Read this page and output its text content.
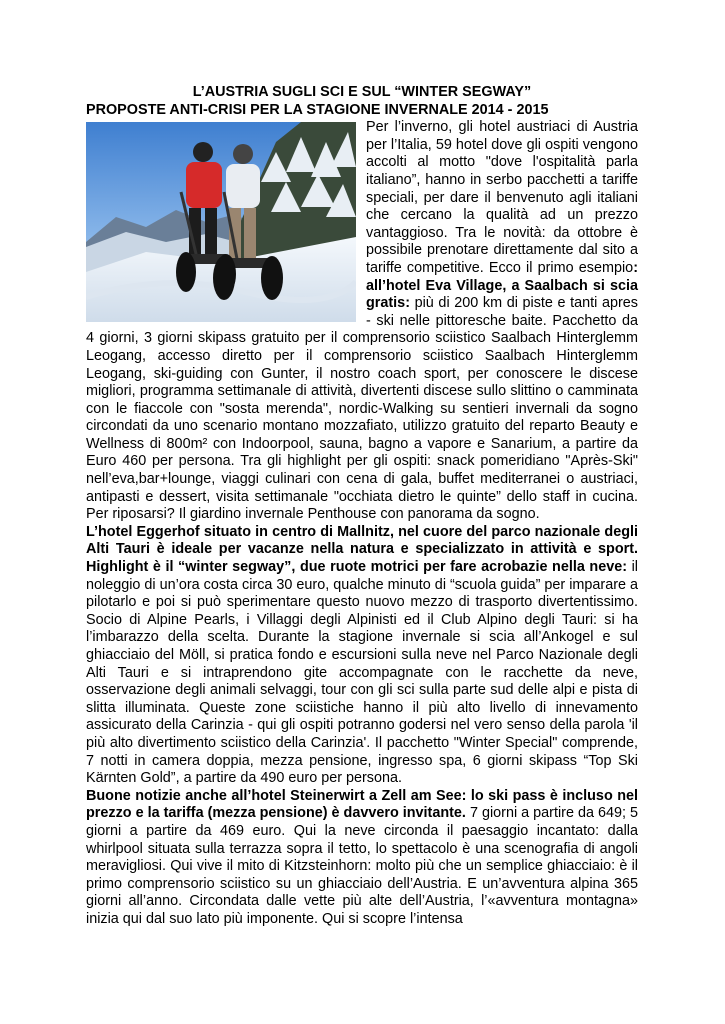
L’AUSTRIA SUGLI SCI E SUL “WINTER SEGWAY”

PROPOSTE ANTI-CRISI PER LA STAGIONE INVERNALE 2014 - 2015

Per l’inverno, gli hotel austriaci di Austria per l’Italia, 59 hotel dove gli ospiti vengono accolti al motto "dove l'ospitalità parla italiano”, hanno in serbo pacchetti a tariffe speciali, per dare il benvenuto agli italiani che cercano la qualità ad un prezzo vantaggioso. Tra le novità: da ottobre è possibile prenotare direttamente dal sito a tariffe competitive. Ecco il primo esempio: all’hotel Eva Village, a Saalbach si scia gratis: più di 200 km di piste e tanti apres - ski nelle pittoresche baite. Pacchetto da 4 giorni, 3 giorni skipass gratuito per il comprensorio sciistico Saalbach Hinterglemm Leogang, accesso diretto per il comprensorio sciistico Saalbach Hinterglemm Leogang, ski-guiding con Gunter, il nostro coach sport, per conoscere le discese migliori, programma settimanale di attività, divertenti discese sullo slittino o camminata con le fiaccole con "sosta merenda", nordic-Walking su sentieri invernali da sogno circondati da uno scenario montano mozzafiato, utilizzo gratuito del reparto Beauty e Wellness di 800m² con Indoorpool, sauna, bagno a vapore e Sanarium, a partire da Euro 460 per persona. Tra gli highlight per gli ospiti: snack pomeridiano "Après-Ski" nell’eva,bar+lounge, viaggi culinari con cena di gala, buffet mediterranei o austriaci, antipasti e dessert, visita settimanale "occhiata dietro le quinte” dello staff in cucina. Per riposarsi? Il giardino invernale Penthouse con panorama da sogno.

L’hotel Eggerhof situato in centro di Mallnitz, nel cuore del parco nazionale degli Alti Tauri è ideale per vacanze nella natura e specializzato in attività e sport. Highlight è il “winter segway”, due ruote motrici per fare acrobazie nella neve: il noleggio di un’ora costa circa 30 euro, qualche minuto di “scuola guida” per imparare a pilotarlo e poi si può sperimentare questo nuovo mezzo di trasporto divertentissimo. Socio di Alpine Pearls, i Villaggi degli Alpinisti ed il Club Alpino degli Tauri: si ha l’imbarazzo della scelta. Durante la stagione invernale si scia all’Ankogel e sul ghiacciaio del Möll, si pratica fondo e escursioni sulla neve nel Parco Nazionale degli Alti Tauri e si intraprendono gite accompagnate con le racchette da neve, osservazione degli animali selvaggi, tour con gli sci sulla parte sud delle alpi e pista di slitta illuminata. Queste zone sciistiche hanno il più alto livello di innevamento assicurato della Carinzia - qui gli ospiti potranno godersi nel vero senso della parola 'il più alto divertimento sciistico della Carinzia'. Il pacchetto "Winter Special" comprende, 7 notti in camera doppia, mezza pensione, ingresso spa, 6 giorni skipass “Top Ski Kärnten Gold”, a partire da 490 euro per persona.

Buone notizie anche all’hotel Steinerwirt a Zell am See: lo ski pass è incluso nel prezzo e la tariffa (mezza pensione) è davvero invitante. 7 giorni a partire da 649; 5 giorni a partire da 469 euro. Qui la neve circonda il paesaggio incantato: dalla whirlpool situata sulla terrazza sopra il tetto, lo spettacolo è una scenografia di angoli meravigliosi. Qui vive il mito di Kitzsteinhorn: molto più che un semplice ghiacciaio: è il primo comprensorio sciistico su un ghiacciaio dell’Austria. E un’avventura alpina 365 giorni all’anno. Circondata dalle vette più alte dell’Austria, l’«avventura montagna» inizia qui dal suo lato più imponente. Qui si scopre l’intensa
